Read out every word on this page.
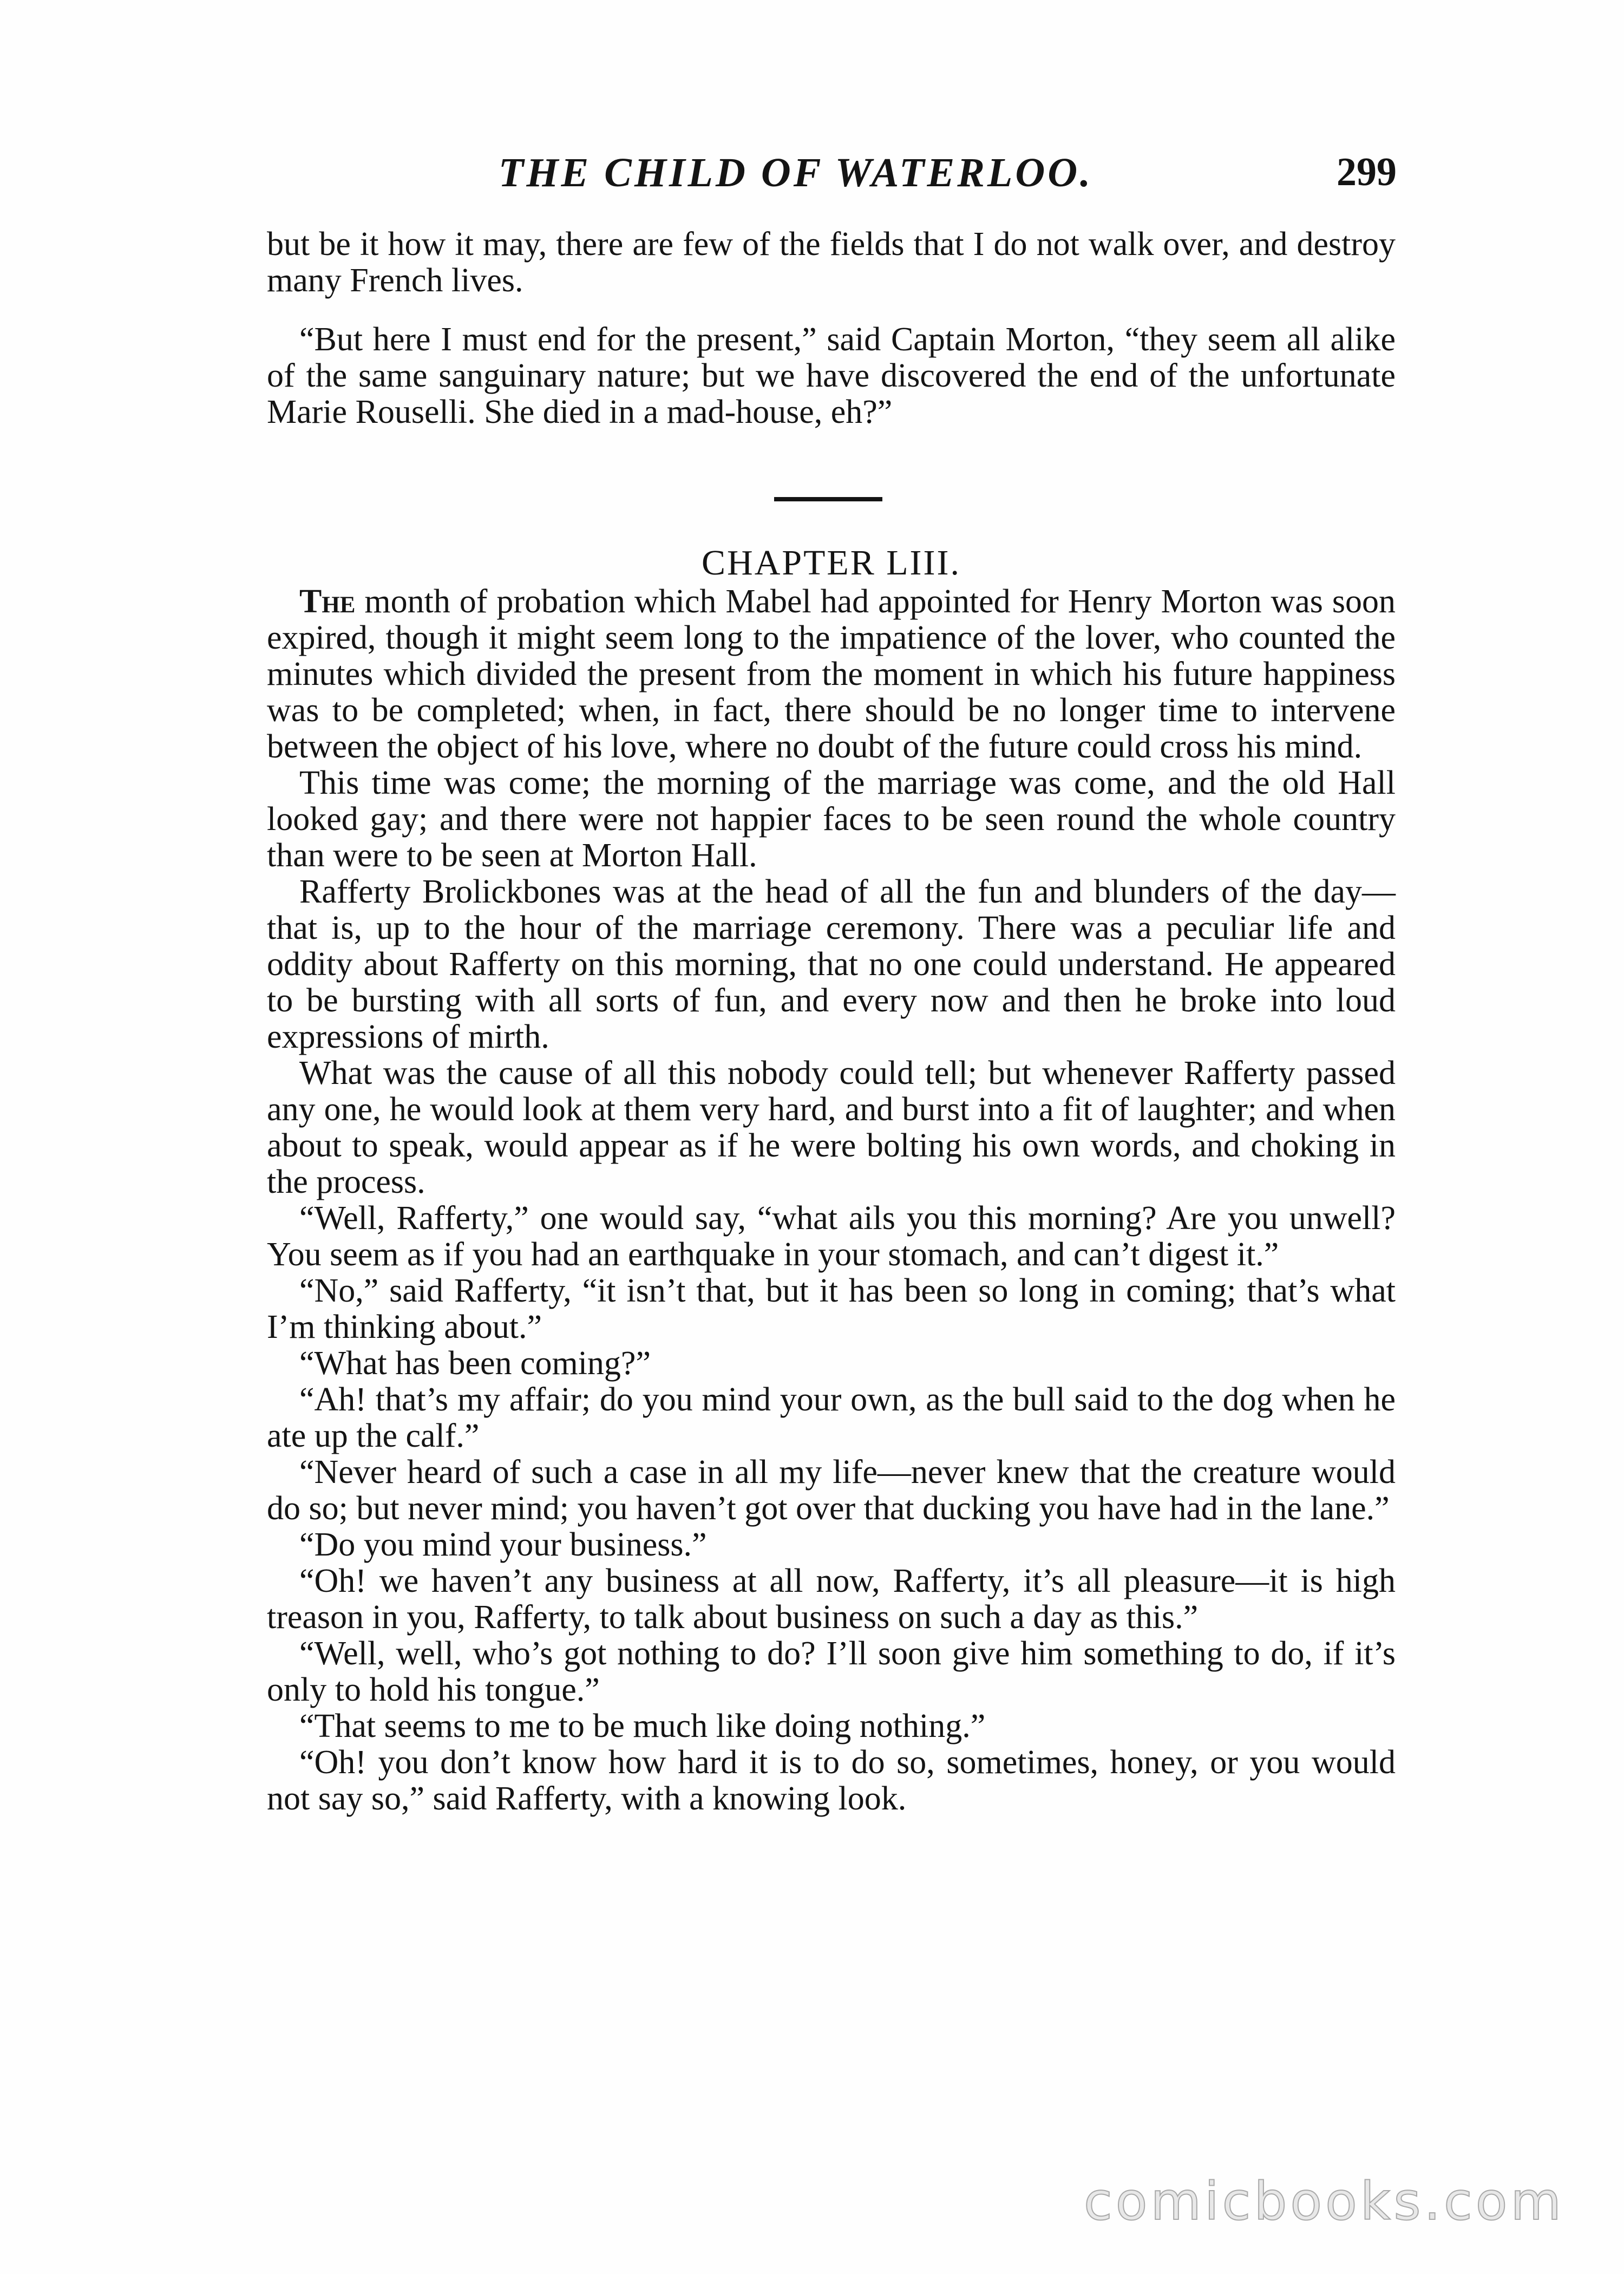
THE CHILD OF WATERLOO.	299

but be it how it may, there are few of the fields that I do not walk over, and destroy many French lives.

“But here I must end for the present,” said Captain Morton, “they seem all alike of the same sanguinary nature; but we have discovered the end of the unfortunate Marie Rouselli. She died in a mad-house, eh?”

CHAPTER LIII.

The month of probation which Mabel had appointed for Henry Morton was soon expired, though it might seem long to the impatience of the lover, who counted the minutes which divided the present from the moment in which his future happiness was to be completed; when, in fact, there should be no longer time to intervene between the object of his love, where no doubt of the future could cross his mind.

This time was come; the morning of the marriage was come, and the old Hall looked gay; and there were not happier faces to be seen round the whole country than were to be seen at Morton Hall.

Rafferty Brolickbones was at the head of all the fun and blunders of the day—that is, up to the hour of the marriage ceremony. There was a peculiar life and oddity about Rafferty on this morning, that no one could understand. He appeared to be bursting with all sorts of fun, and every now and then he broke into loud expressions of mirth.

What was the cause of all this nobody could tell; but whenever Rafferty passed any one, he would look at them very hard, and burst into a fit of laughter; and when about to speak, would appear as if he were bolting his own words, and choking in the process.

“Well, Rafferty,” one would say, “what ails you this morning? Are you unwell? You seem as if you had an earthquake in your stomach, and can’t digest it.”

“No,” said Rafferty, “it isn’t that, but it has been so long in coming; that’s what I’m thinking about.”

“What has been coming?”

“Ah! that’s my affair; do you mind your own, as the bull said to the dog when he ate up the calf.”

“Never heard of such a case in all my life—never knew that the creature would do so; but never mind; you haven’t got over that ducking you have had in the lane.”

“Do you mind your business.”

“Oh! we haven’t any business at all now, Rafferty, it’s all pleasure—it is high treason in you, Rafferty, to talk about business on such a day as this.”

“Well, well, who’s got nothing to do? I’ll soon give him something to do, if it’s only to hold his tongue.”

“That seems to me to be much like doing nothing.”

“Oh! you don’t know how hard it is to do so, sometimes, honey, or you would not say so,” said Rafferty, with a knowing look.

comicbooks.com
